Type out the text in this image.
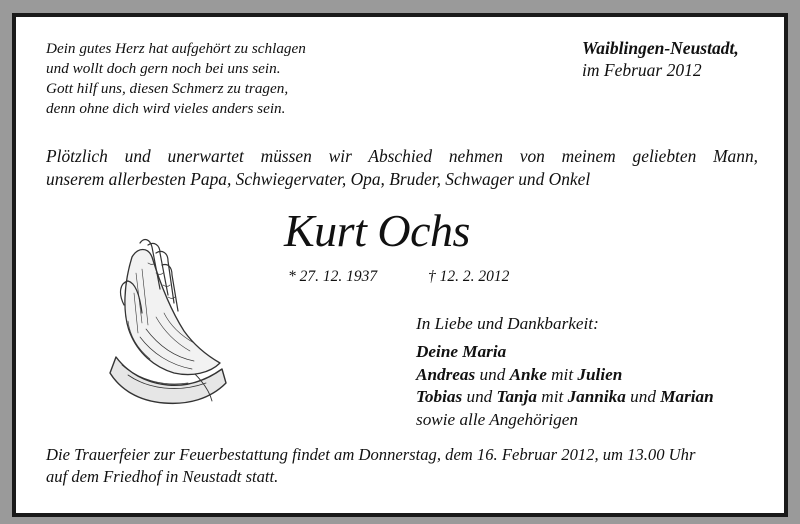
Dein gutes Herz hat aufgehört zu schlagen
und wollt doch gern noch bei uns sein.
Gott hilf uns, diesen Schmerz zu tragen,
denn ohne dich wird vieles anders sein.
Waiblingen-Neustadt,
im Februar 2012
Plötzlich und unerwartet müssen wir Abschied nehmen von meinem geliebten Mann,
unserem allerbesten Papa, Schwiegervater, Opa, Bruder, Schwager und Onkel
Kurt Ochs
* 27. 12. 1937	† 12. 2. 2012
In Liebe und Dankbarkeit:
Deine Maria
Andreas und Anke mit Julien
Tobias und Tanja mit Jannika und Marian
sowie alle Angehörigen
Die Trauerfeier zur Feuerbestattung findet am Donnerstag, dem 16. Februar 2012, um 13.00 Uhr
auf dem Friedhof in Neustadt statt.
